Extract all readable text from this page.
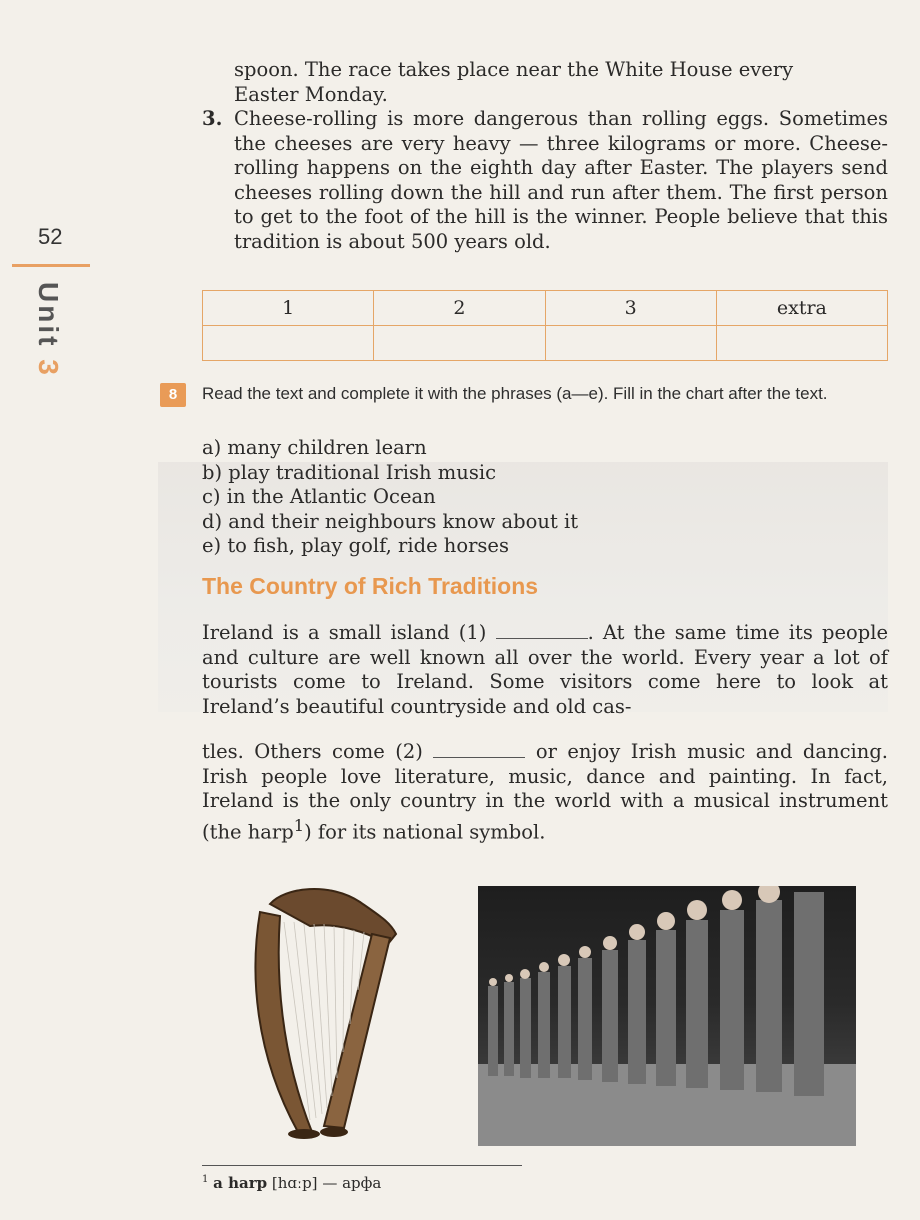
52
Unit 3
spoon. The race takes place near the White House every
Easter Monday.
3. Cheese-rolling is more dangerous than rolling eggs. Sometimes the cheeses are very heavy — three kilograms or more. Cheese-rolling happens on the eighth day after Easter. The players send cheeses rolling down the hill and run after them. The first person to get to the foot of the hill is the winner. People believe that this tradition is about 500 years old.
1	2	3	extra

8	Read the text and complete it with the phrases (a—e). Fill in the chart after the text.
a) many children learn
b) play traditional Irish music
c) in the Atlantic Ocean
d) and their neighbours know about it
e) to fish, play golf, ride horses
The Country of Rich Traditions
Ireland is a small island (1)	. At the same time its people and culture are well known all over the world. Every year a lot of tourists come to Ireland. Some visitors come here to look at Ireland’s beautiful countryside and old cas-
tles. Others come (2)	or enjoy Irish music and dancing. Irish people love literature, music, dance and painting. In fact, Ireland is the only country in the world with a musical instrument (the harp$^1$) for its national symbol.
$^1$ a harp [hɑːp] — арфа
